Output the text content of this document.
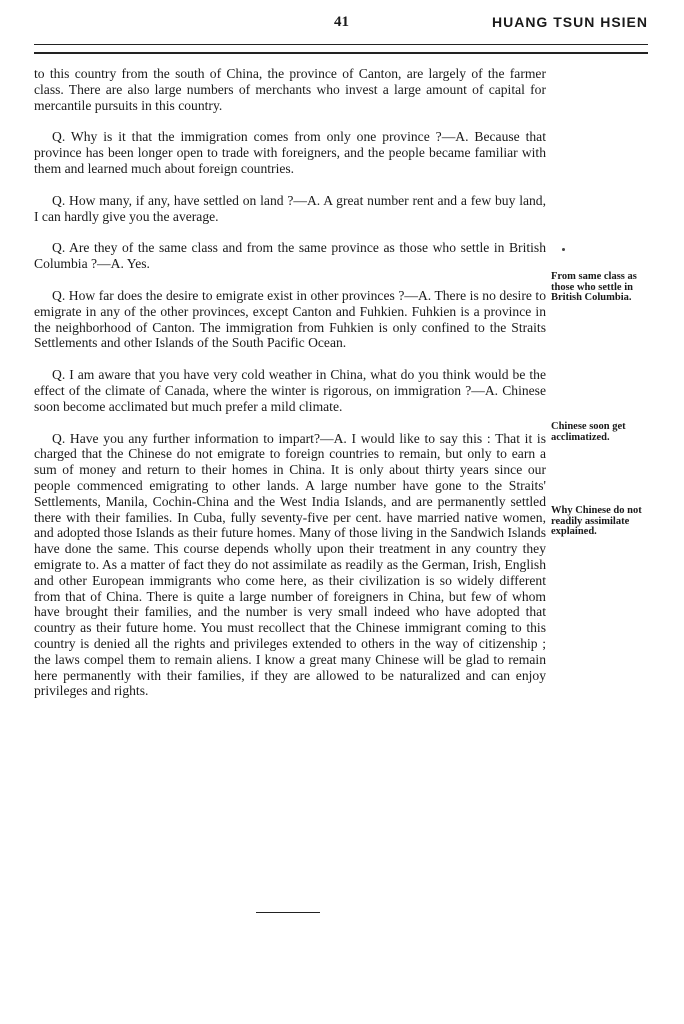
41	HUANG TSUN HSIEN

to this country from the south of China, the province of Canton, are largely of the farmer class. There are also large numbers of merchants who invest a large amount of capital for mercantile pursuits in this country.

Q. Why is it that the immigration comes from only one province ?—A. Because that province has been longer open to trade with foreigners, and the people became familiar with them and learned much about foreign countries.

Q. How many, if any, have settled on land ?—A. A great number rent and a few buy land, I can hardly give you the average.

Q. Are they of the same class and from the same province as those who settle in British Columbia ?—A. Yes.

Q. How far does the desire to emigrate exist in other provinces ?—A. There is no desire to emigrate in any of the other provinces, except Canton and Fuhkien. Fuhkien is a province in the neighborhood of Canton. The immigration from Fuhkien is only confined to the Straits Settlements and other Islands of the South Pacific Ocean.

Q. I am aware that you have very cold weather in China, what do you think would be the effect of the climate of Canada, where the winter is rigorous, on immigration ?—A. Chinese soon become acclimated but much prefer a mild climate.

Q. Have you any further information to impart?—A. I would like to say this : That it is charged that the Chinese do not emigrate to foreign countries to remain, but only to earn a sum of money and return to their homes in China. It is only about thirty years since our people commenced emigrating to other lands. A large number have gone to the Straits' Settlements, Manila, Cochin-China and the West India Islands, and are permanently settled there with their families. In Cuba, fully seventy-five per cent. have married native women, and adopted those Islands as their future homes. Many of those living in the Sandwich Islands have done the same. This course depends wholly upon their treatment in any country they emigrate to. As a matter of fact they do not assimilate as readily as the German, Irish, English and other European immigrants who come here, as their civilization is so widely different from that of China. There is quite a large number of foreigners in China, but few of whom have brought their families, and the number is very small indeed who have adopted that country as their future home. You must recollect that the Chinese immigrant coming to this country is denied all the rights and privileges extended to others in the way of citizenship ; the laws compel them to remain aliens. I know a great many Chinese will be glad to remain here permanently with their families, if they are allowed to be naturalized and can enjoy privileges and rights.

From same class as those who settle in British Columbia.
Chinese soon get acclimatized.
Why Chinese do not readily assimilate explained.
